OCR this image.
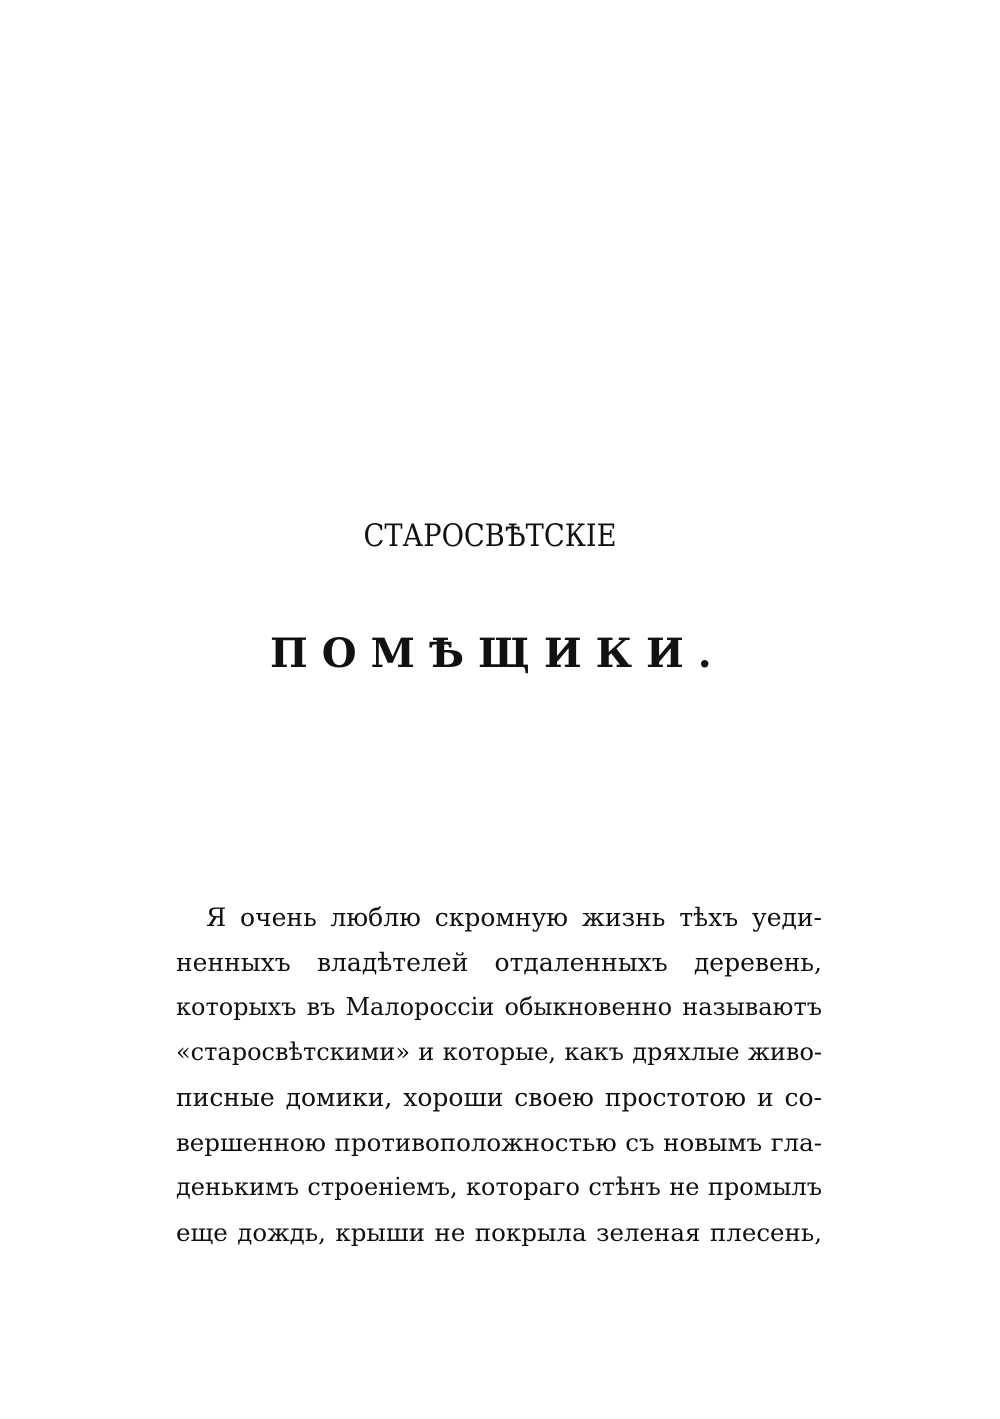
СТАРОСВѢТСКІЕ
ПОМѢЩИКИ.
Я очень люблю скромную жизнь тѣхъ уеди-
ненныхъ владѣтелей отдаленныхъ деревень,
которыхъ въ Малороссіи обыкновенно называютъ
«старосвѣтскими» и которые, какъ дряхлые живо-
писные домики, хороши своею простотою и со-
вершенною противоположностью съ новымъ гла-
денькимъ строеніемъ, котораго стѣнъ не промылъ
еще дождь, крыши не покрыла зеленая плесень,
